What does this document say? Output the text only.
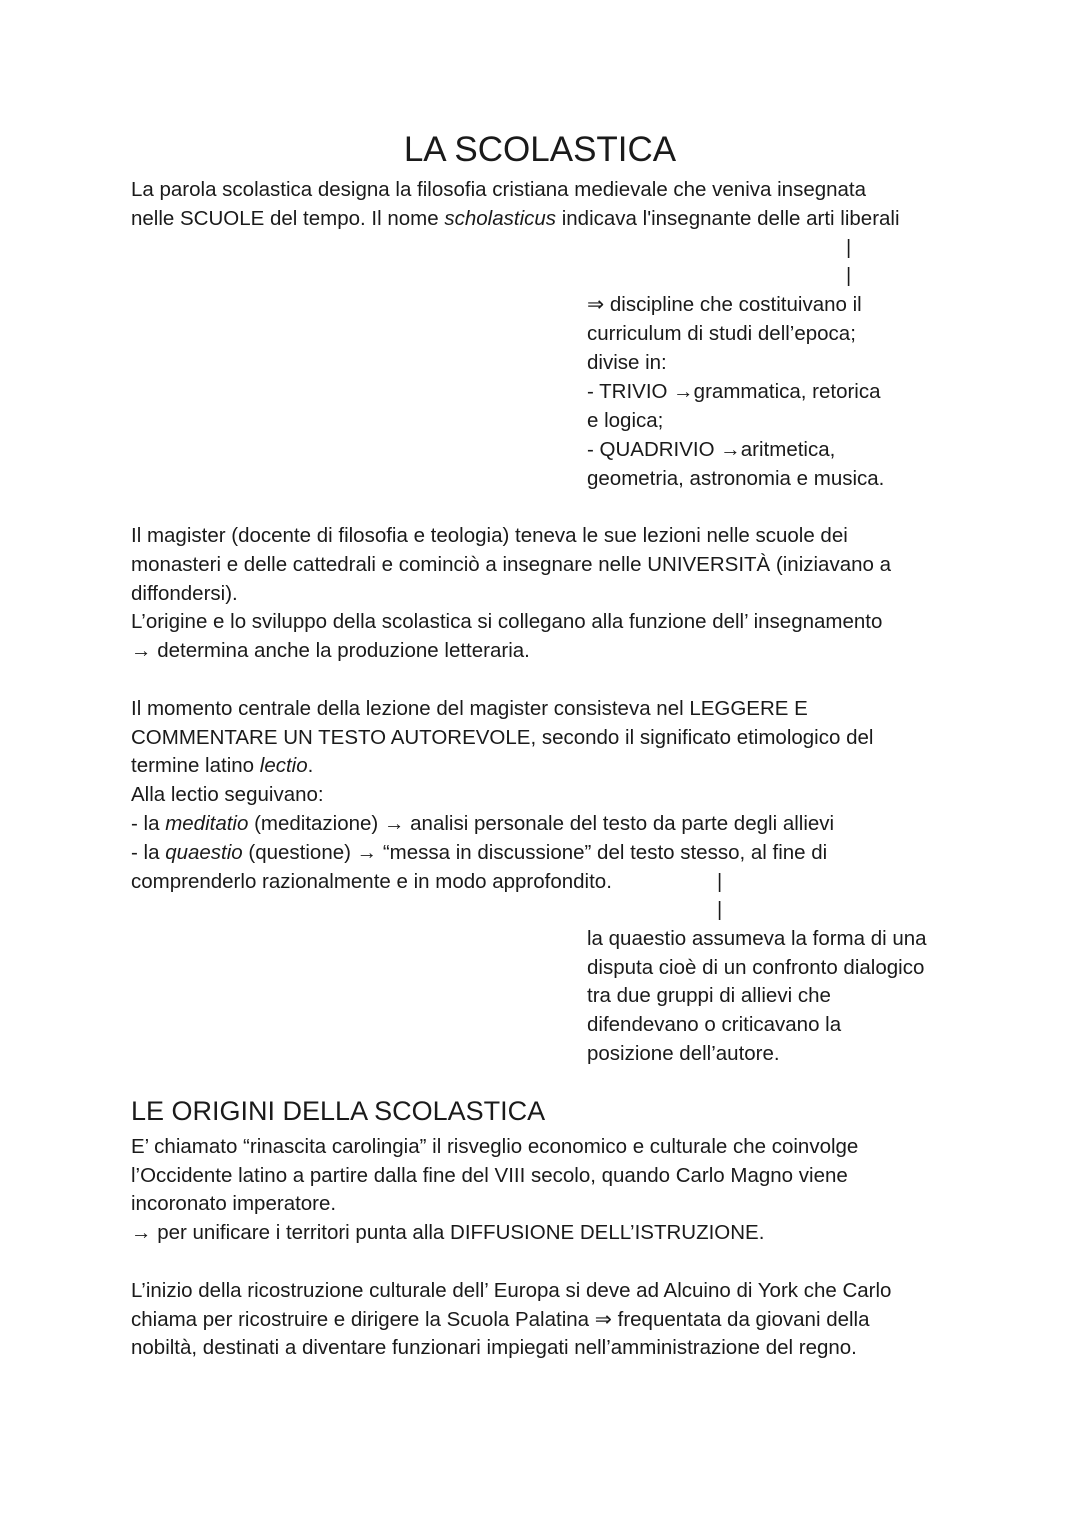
LA SCOLASTICA

La parola scolastica designa la filosofia cristiana medievale che veniva insegnata

nelle SCUOLE del tempo. Il nome scholasticus indicava l'insegnante delle arti liberali

|
|

⇒ discipline che costituivano il

curriculum di studi dell’epoca;

divise in:

- TRIVIO →grammatica, retorica

e logica;

- QUADRIVIO →aritmetica,

geometria, astronomia e musica.

Il magister (docente di filosofia e teologia) teneva le sue lezioni nelle scuole dei

monasteri e delle cattedrali e cominciò a insegnare nelle UNIVERSITÀ (iniziavano a

diffondersi).

L’origine e lo sviluppo della scolastica si collegano alla funzione dell’ insegnamento

→ determina anche la produzione letteraria.

Il momento centrale della lezione del magister consisteva nel LEGGERE E

COMMENTARE UN TESTO AUTOREVOLE, secondo il significato etimologico del

termine latino lectio.

Alla lectio seguivano:

- la meditatio (meditazione) → analisi personale del testo da parte degli allievi

- la quaestio (questione) → “messa in discussione” del testo stesso, al fine di

comprenderlo razionalmente e in modo approfondito.	|
|

la quaestio assumeva la forma di una

disputa cioè di un confronto dialogico

tra due gruppi di allievi che

difendevano o criticavano la

posizione dell’autore.

LE ORIGINI DELLA SCOLASTICA

E’ chiamato “rinascita carolingia” il risveglio economico e culturale che coinvolge

l’Occidente latino a partire dalla fine del VIII secolo, quando Carlo Magno viene

incoronato imperatore.

→ per unificare i territori punta alla DIFFUSIONE DELL’ISTRUZIONE.

L’inizio della ricostruzione culturale dell’ Europa si deve ad Alcuino di York che Carlo

chiama per ricostruire e dirigere la Scuola Palatina ⇒ frequentata da giovani della

nobiltà, destinati a diventare funzionari impiegati nell’amministrazione del regno.
